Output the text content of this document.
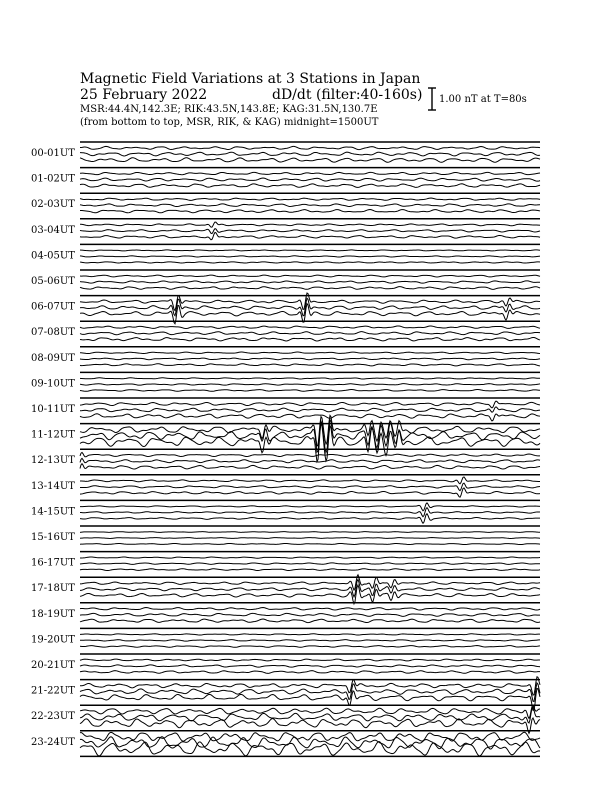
Magnetic Field Variations at 3 Stations in Japan
25 February 2022	dD/dt (filter:40-160s)
MSR:44.4N,142.3E; RIK:43.5N,143.8E; KAG:31.5N,130.7E
(from bottom to top, MSR, RIK, & KAG) midnight=1500UT
1.00 nT at T=80s
00-01UT
01-02UT
02-03UT
03-04UT
04-05UT
05-06UT
06-07UT
07-08UT
08-09UT
09-10UT
10-11UT
11-12UT
12-13UT
13-14UT
14-15UT
15-16UT
16-17UT
17-18UT
18-19UT
19-20UT
20-21UT
21-22UT
22-23UT
23-24UT
